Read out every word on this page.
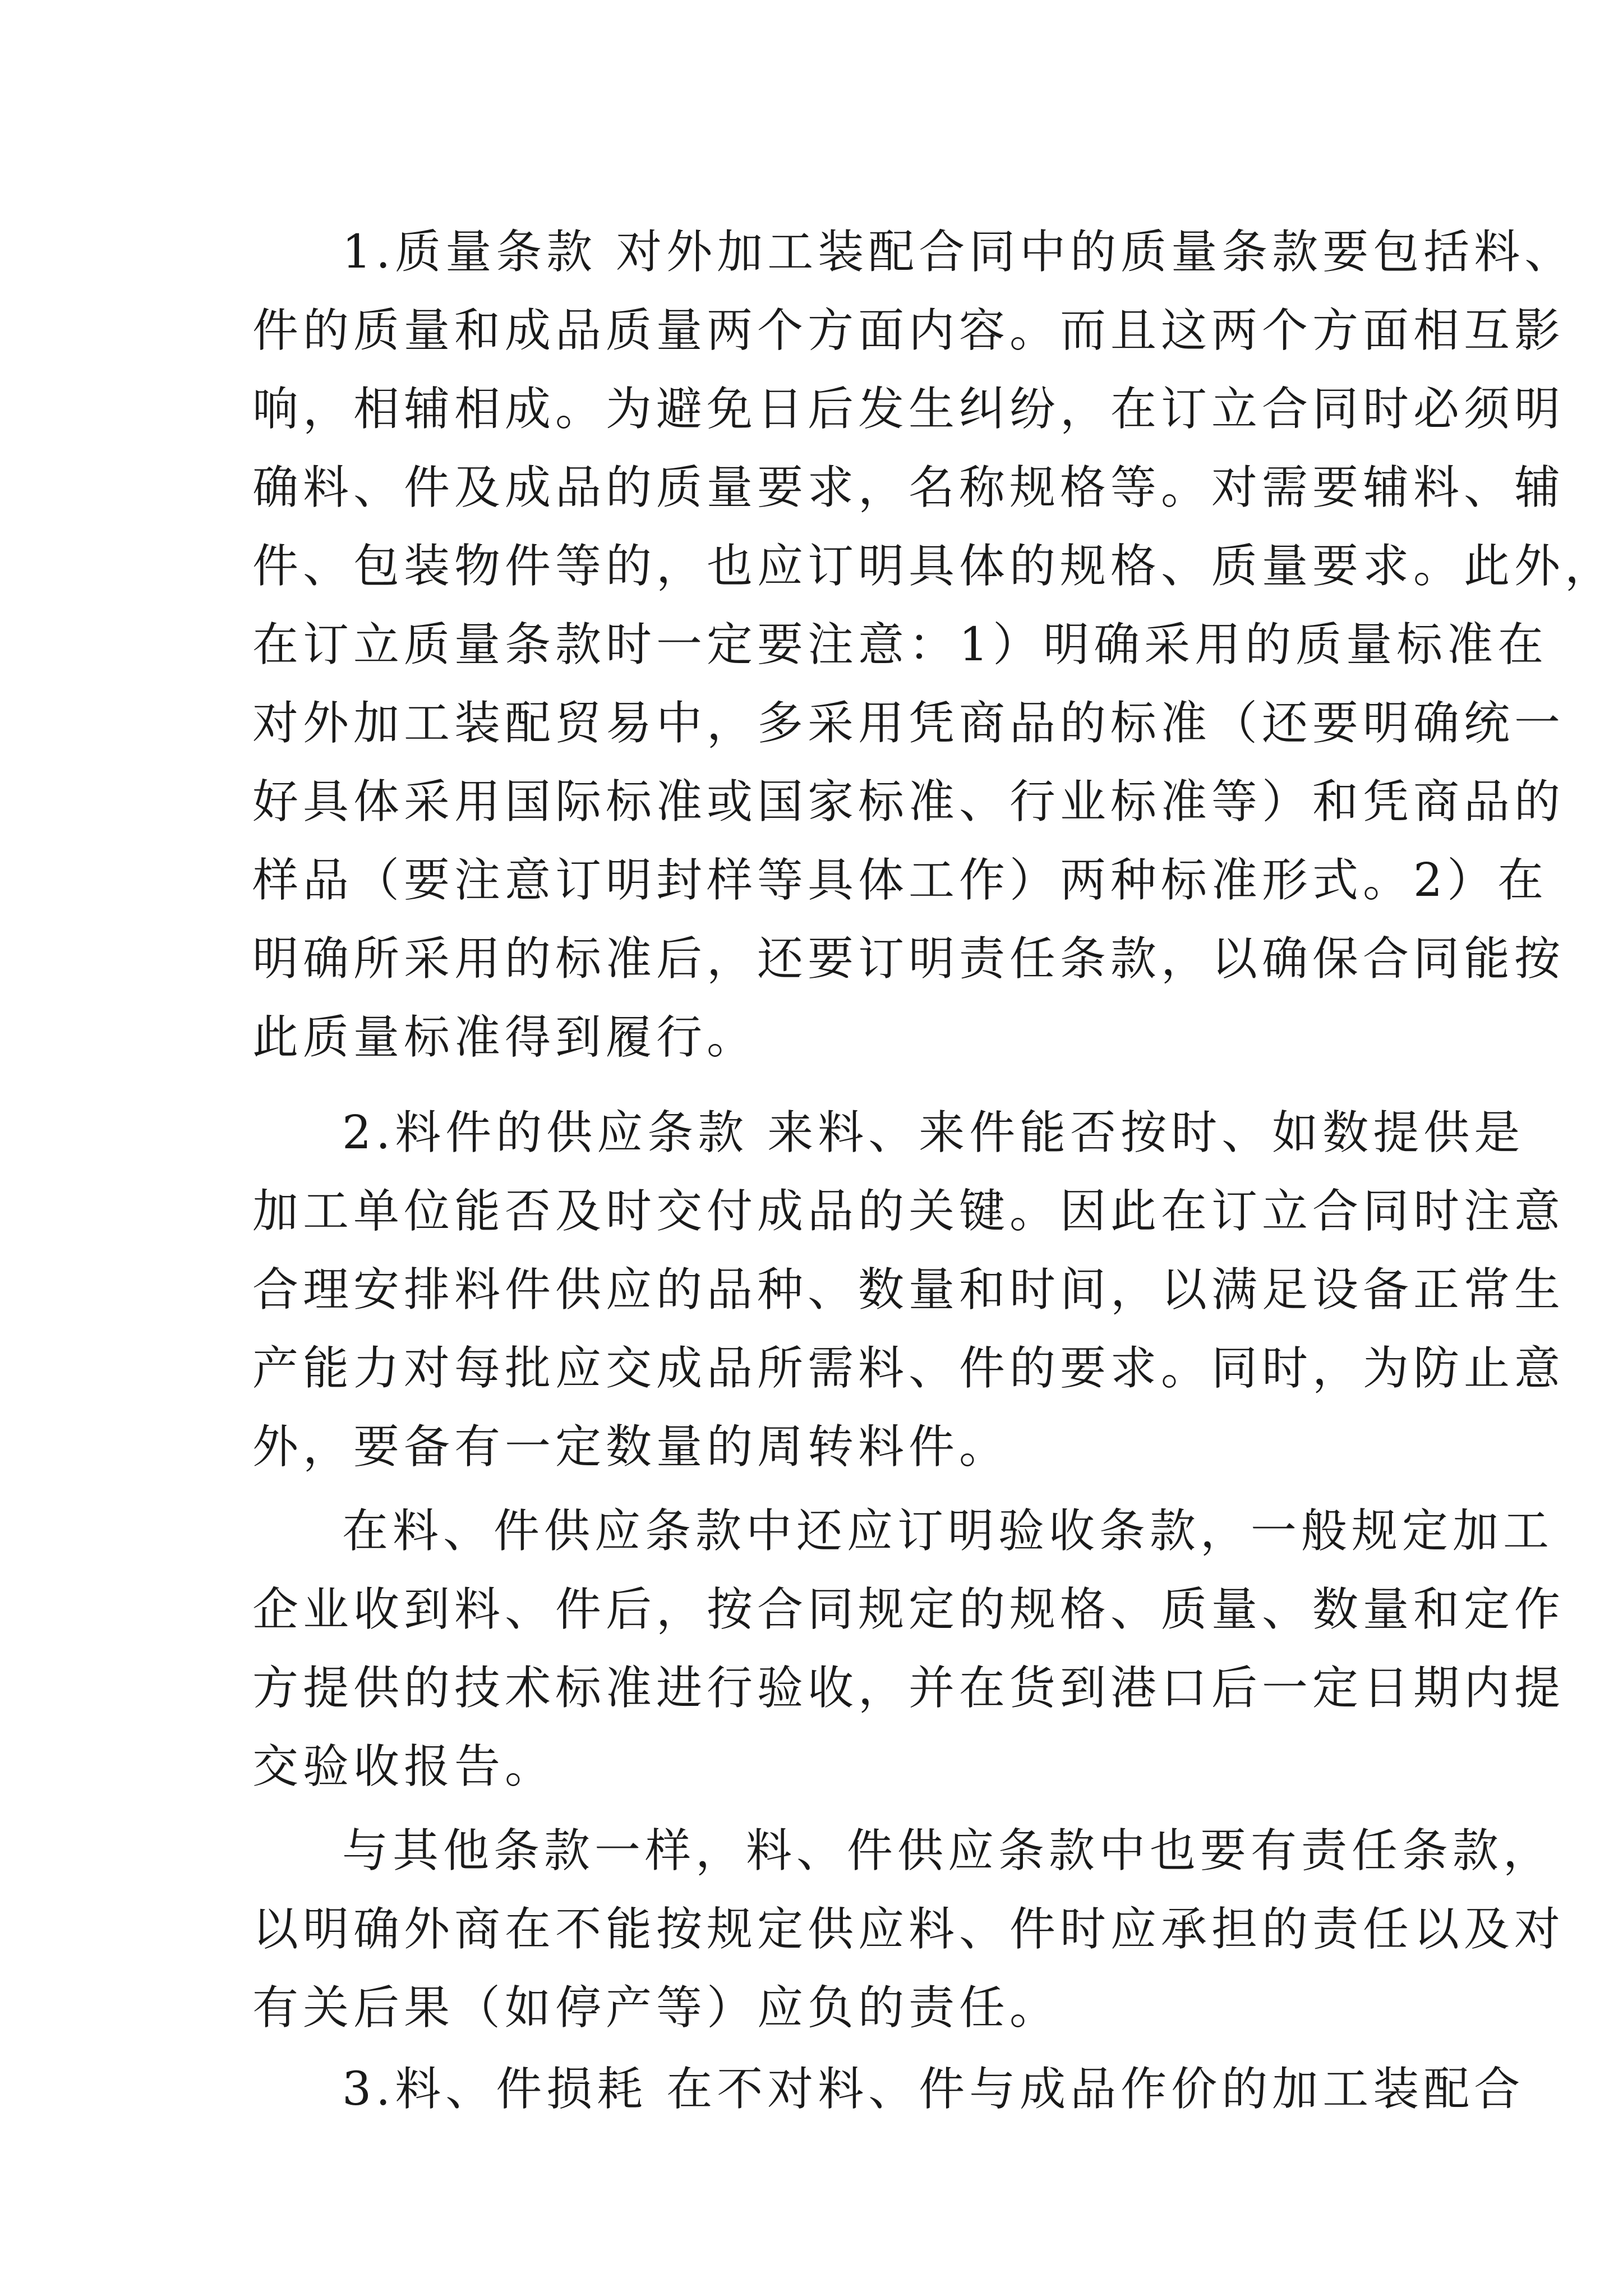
1.质量条款 对外加工装配合同中的质量条款要包括料、
件的质量和成品质量两个方面内容。而且这两个方面相互影
响，相辅相成。为避免日后发生纠纷，在订立合同时必须明
确料、件及成品的质量要求，名称规格等。对需要辅料、辅
件、包装物件等的，也应订明具体的规格、质量要求。此外，
在订立质量条款时一定要注意：1）明确采用的质量标准在
对外加工装配贸易中，多采用凭商品的标准（还要明确统一
好具体采用国际标准或国家标准、行业标准等）和凭商品的
样品（要注意订明封样等具体工作）两种标准形式。2）在
明确所采用的标准后，还要订明责任条款，以确保合同能按
此质量标准得到履行。
2.料件的供应条款 来料、来件能否按时、如数提供是
加工单位能否及时交付成品的关键。因此在订立合同时注意
合理安排料件供应的品种、数量和时间，以满足设备正常生
产能力对每批应交成品所需料、件的要求。同时，为防止意
外，要备有一定数量的周转料件。
在料、件供应条款中还应订明验收条款，一般规定加工
企业收到料、件后，按合同规定的规格、质量、数量和定作
方提供的技术标准进行验收，并在货到港口后一定日期内提
交验收报告。
与其他条款一样，料、件供应条款中也要有责任条款，
以明确外商在不能按规定供应料、件时应承担的责任以及对
有关后果（如停产等）应负的责任。
3.料、件损耗 在不对料、件与成品作价的加工装配合
